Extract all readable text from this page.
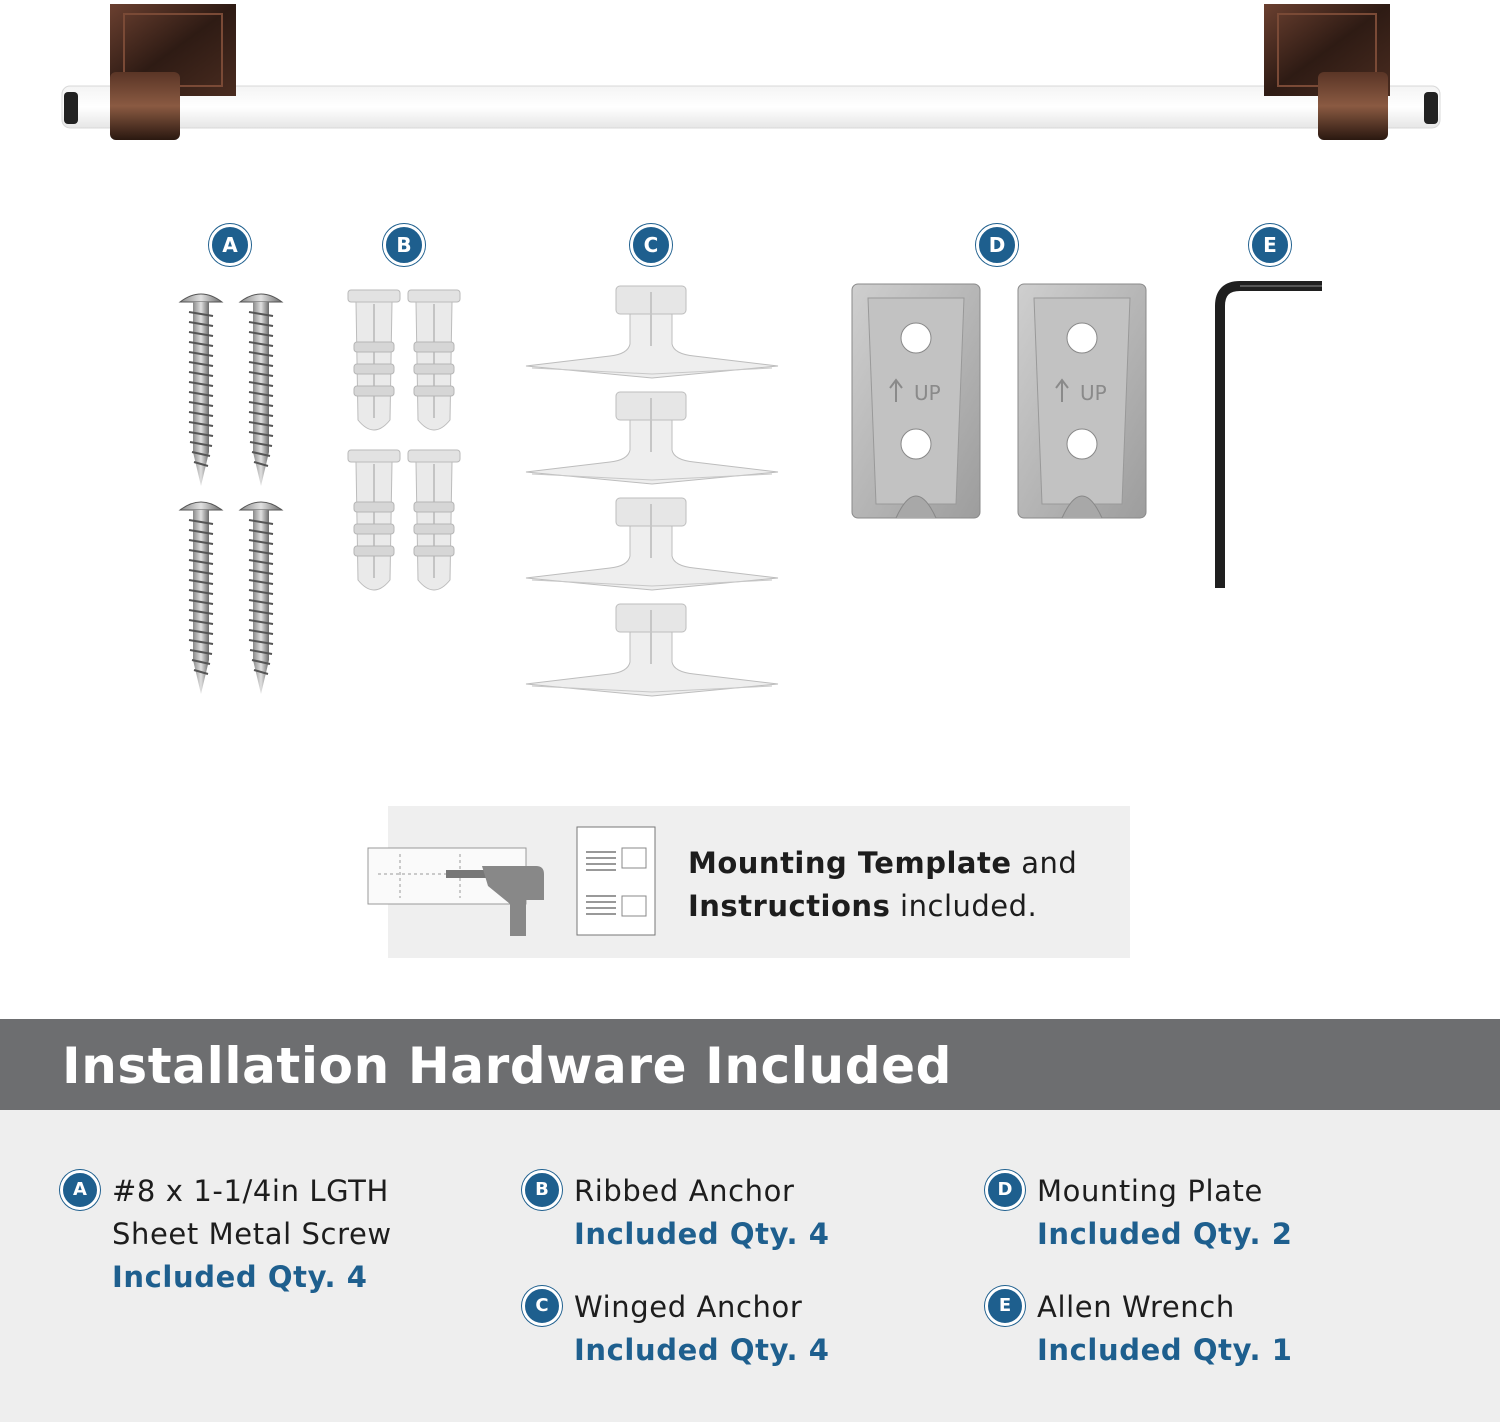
A	B	C	D	E
UP	UP
Mounting Template and
Instructions included.
Installation Hardware Included
A #8 x 1-1/4in LGTH
Sheet Metal Screw
Included Qty. 4
B Ribbed Anchor
Included Qty. 4
C Winged Anchor
Included Qty. 4
D Mounting Plate
Included Qty. 2
E Allen Wrench
Included Qty. 1
